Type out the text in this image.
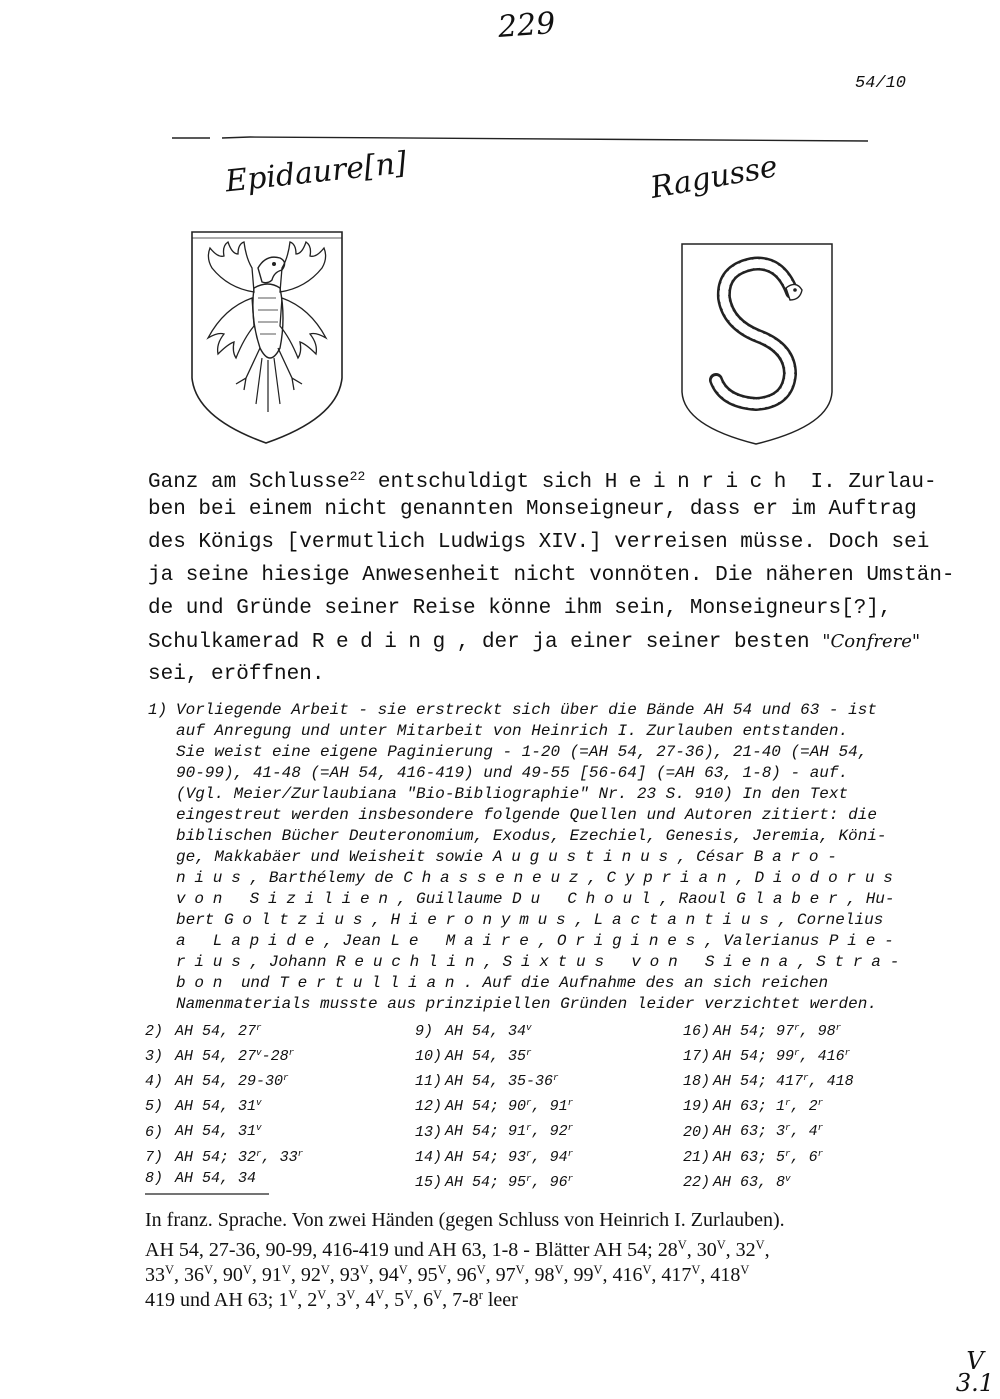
229
54/10
Epidaure[n]	Ragusse
Ganz am Schlusse$^{22}$ entschuldigt sich Heinrich I. Zurlau-
ben bei einem nicht genannten Monseigneur, dass er im Auftrag
des Königs [vermutlich Ludwigs XIV.] verreisen müsse. Doch sei
ja seine hiesige Anwesenheit nicht vonnöten. Die näheren Umstän-
de und Gründe seiner Reise könne ihm sein, Monseigneurs[?],
Schulkamerad Reding, der ja einer seiner besten "Confrere"
sei, eröffnen.
1) Vorliegende Arbeit - sie erstreckt sich über die Bände AH 54 und 63 - ist
auf Anregung und unter Mitarbeit von Heinrich I. Zurlauben entstanden.
Sie weist eine eigene Paginierung - 1-20 (=AH 54, 27-36), 21-40 (=AH 54,
90-99), 41-48 (=AH 54, 416-419) und 49-55 [56-64] (=AH 63, 1-8) - auf.
(Vgl. Meier/Zurlaubiana "Bio-Bibliographie" Nr. 23 S. 910) In den Text
eingestreut werden insbesondere folgende Quellen und Autoren zitiert: die
biblischen Bücher Deuteronomium, Exodus, Ezechiel, Genesis, Jeremia, Köni-
ge, Makkabäer und Weisheit sowie Augustinus, César Baro-
nius, Barthélemy de Chasseneuz, Cyprian, Diodorus
von Sizilien, Guillaume Du Choul, Raoul Glaber, Hu-
bert Goltzius, Hieronymus, Lactantius, Cornelius
a Lapide, Jean Le Maire, Origines, Valerianus Pie-
rius, Johann Reuchlin, Sixtus von Siena, Stra-
bon und Tertullian. Auf die Aufnahme des an sich reichen
Namenmaterials musste aus prinzipiellen Gründen leider verzichtet werden.
2) AH 54, 27$^r$
3) AH 54, 27$^v$-28$^r$
4) AH 54, 29-30$^r$
5) AH 54, 31$^v$
6) AH 54, 31$^v$
7) AH 54; 32$^r$, 33$^r$
8) AH 54, 34
9) AH 54, 34$^v$
10) AH 54, 35$^r$
11) AH 54, 35-36$^r$
12) AH 54; 90$^r$, 91$^r$
13) AH 54; 91$^r$, 92$^r$
14) AH 54; 93$^r$, 94$^r$
15) AH 54; 95$^r$, 96$^r$
16) AH 54; 97$^r$, 98$^r$
17) AH 54; 99$^r$, 416$^r$
18) AH 54; 417$^r$, 418
19) AH 63; 1$^r$, 2$^r$
20) AH 63; 3$^r$, 4$^r$
21) AH 63; 5$^r$, 6$^r$
22) AH 63, 8$^v$
In franz. Sprache. Von zwei Händen (gegen Schluss von Heinrich I. Zurlauben).
AH 54, 27-36, 90-99, 416-419 und AH 63, 1-8 - Blätter AH 54; $28^V$, $30^V$, $32^V$,
$33^V$, $36^V$, $90^V$, $91^V$, $92^V$, $93^V$, $94^V$, $95^V$, $96^V$, $97^V$, $98^V$, $99^V$, $416^V$, $417^V$, $418^V$
419 und AH 63; $1^V$, $2^V$, $3^V$, $4^V$, $5^V$, $6^V$, 7-8$^r$ leer
V 3.1
